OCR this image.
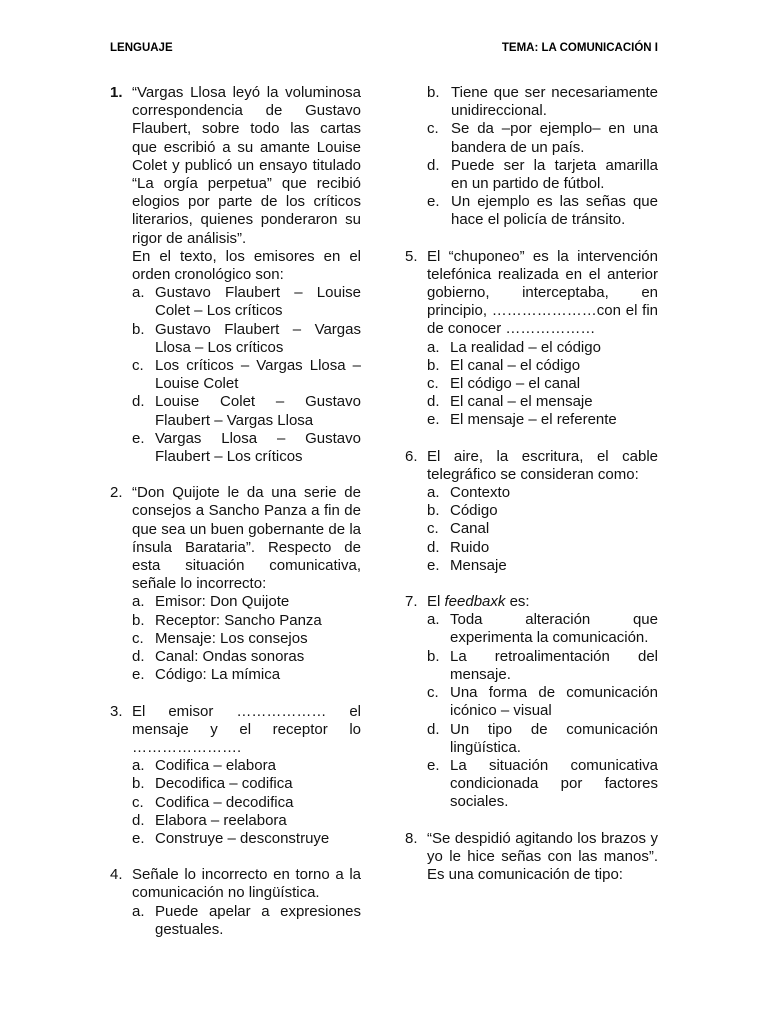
LENGUAJE	TEMA: LA COMUNICACIÓN I
1. “Vargas Llosa leyó la voluminosa correspondencia de Gustavo Flaubert, sobre todo las cartas que escribió a su amante Louise Colet y publicó un ensayo titulado “La orgía perpetua” que recibió elogios por parte de los críticos literarios, quienes ponderaron su rigor de análisis”.
En el texto, los emisores en el orden cronológico son:
a. Gustavo Flaubert – Louise Colet – Los críticos
b. Gustavo Flaubert – Vargas Llosa – Los críticos
c. Los críticos – Vargas Llosa – Louise Colet
d. Louise Colet – Gustavo Flaubert – Vargas Llosa
e. Vargas Llosa – Gustavo Flaubert – Los críticos
2. “Don Quijote le da una serie de consejos a Sancho Panza a fin de que sea un buen gobernante de la ínsula Barataria”. Respecto de esta situación comunicativa, señale lo incorrecto:
a. Emisor: Don Quijote
b. Receptor: Sancho Panza
c. Mensaje: Los consejos
d. Canal: Ondas sonoras
e. Código: La mímica
3. El emisor ……………… el mensaje y el receptor lo ………………….
a. Codifica – elabora
b. Decodifica – codifica
c. Codifica – decodifica
d. Elabora – reelabora
e. Construye – desconstruye
4. Señale lo incorrecto en torno a la comunicación no lingüística.
a. Puede apelar a expresiones gestuales.
b. Tiene que ser necesariamente unidireccional.
c. Se da –por ejemplo– en una bandera de un país.
d. Puede ser la tarjeta amarilla en un partido de fútbol.
e. Un ejemplo es las señas que hace el policía de tránsito.
5. El “chuponeo” es la intervención telefónica realizada en el anterior gobierno, interceptaba, en principio, …………………con el fin de conocer ………………
a. La realidad – el código
b. El canal – el código
c. El código – el canal
d. El canal – el mensaje
e. El mensaje – el referente
6. El aire, la escritura, el cable telegráfico se consideran como:
a. Contexto
b. Código
c. Canal
d. Ruido
e. Mensaje
7. El feedbaxk es:
a. Toda alteración que experimenta la comunicación.
b. La retroalimentación del mensaje.
c. Una forma de comunicación icónico – visual
d. Un tipo de comunicación lingüística.
e. La situación comunicativa condicionada por factores sociales.
8. “Se despidió agitando los brazos y yo le hice señas con las manos”. Es una comunicación de tipo:
